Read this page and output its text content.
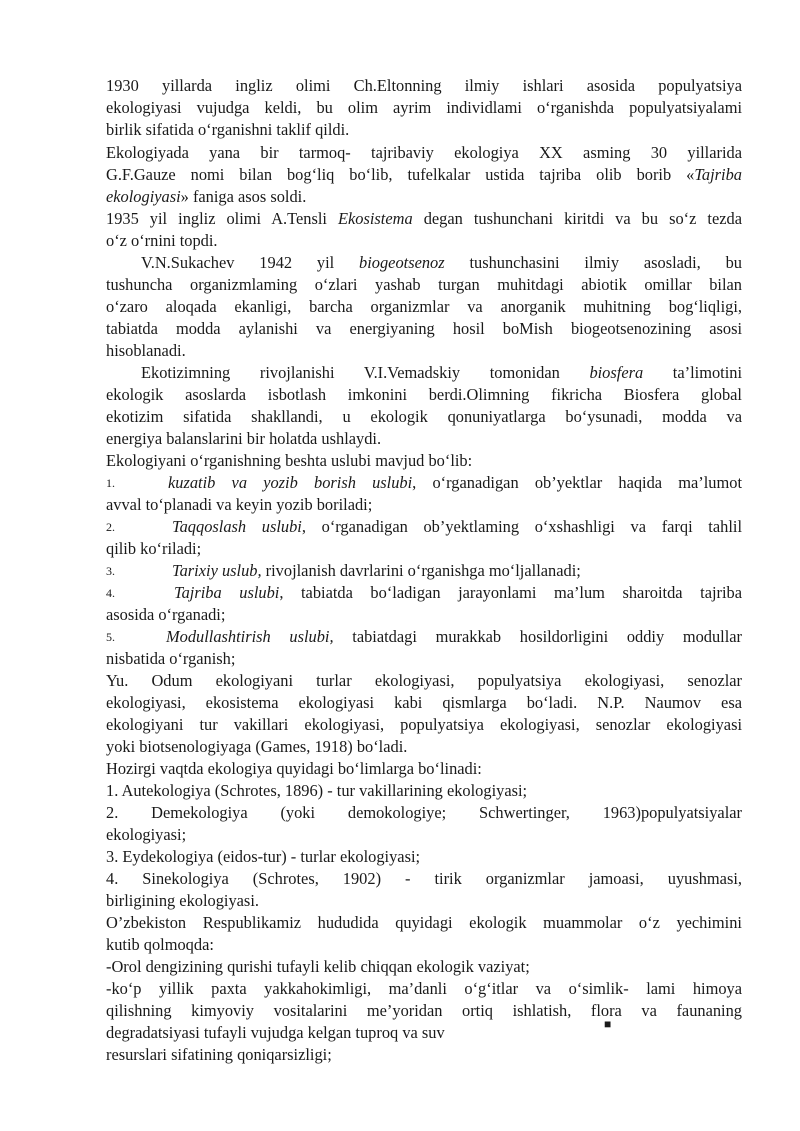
1930 yillarda ingliz olimi Ch.Eltonning ilmiy ishlari asosida populyatsiya
ekologiyasi vujudga keldi, bu olim ayrim individlami o‘rganishda populyatsiyalami
birlik sifatida o‘rganishni taklif qildi.
Ekologiyada yana bir tarmoq- tajribaviy ekologiya XX asming 30 yillarida
G.F.Gauze nomi bilan bog‘liq bo‘lib, tufelkalar ustida tajriba olib borib «Tajriba
ekologiyasi» faniga asos soldi.
1935 yil ingliz olimi A.Tensli Ekosistema degan tushunchani kiritdi va bu so‘z tezda
o‘z o‘rnini topdi.
V.N.Sukachev 1942 yil biogeotsenoz tushunchasini ilmiy asosladi, bu
tushuncha organizmlaming o‘zlari yashab turgan muhitdagi abiotik omillar bilan
o‘zaro aloqada ekanligi, barcha organizmlar va anorganik muhitning bog‘liqligi,
tabiatda modda aylanishi va energiyaning hosil boMish biogeotsenozining asosi
hisoblanadi.
Ekotizimning rivojlanishi V.I.Vemadskiy tomonidan biosfera ta’limotini
ekologik asoslarda isbotlash imkonini berdi.Olimning fikricha Biosfera global
ekotizim sifatida shakllandi, u ekologik qonuniyatlarga bo‘ysunadi, modda va
energiya balanslarini bir holatda ushlaydi.
Ekologiyani o‘rganishning beshta uslubi mavjud bo‘lib:
1.	kuzatib va yozib borish uslubi, o‘rganadigan ob’yektlar haqida ma’lumot
avval to‘planadi va keyin yozib boriladi;
2.	Taqqoslash uslubi, o‘rganadigan ob’yektlaming o‘xshashligi va farqi tahlil
qilib ko‘riladi;
3.	Tarixiy uslub, rivojlanish davrlarini o‘rganishga mo‘ljallanadi;
4.	Tajriba uslubi, tabiatda bo‘ladigan jarayonlami ma’lum sharoitda tajriba
asosida o‘rganadi;
5.	Modullashtirish uslubi, tabiatdagi murakkab hosildorligini oddiy modullar
nisbatida o‘rganish;
Yu. Odum ekologiyani turlar ekologiyasi, populyatsiya ekologiyasi, senozlar
ekologiyasi, ekosistema ekologiyasi kabi qismlarga bo‘ladi. N.P. Naumov esa
ekologiyani tur vakillari ekologiyasi, populyatsiya ekologiyasi, senozlar ekologiyasi
yoki biotsenologiyaga (Games, 1918) bo‘ladi.
Hozirgi vaqtda ekologiya quyidagi bo‘limlarga bo‘linadi:
1. Autekologiya (Schrotes, 1896) - tur vakillarining ekologiyasi;
2. Demekologiya (yoki demokologiye; Schwertinger, 1963)populyatsiyalar
ekologiyasi;
3. Eydekologiya (eidos-tur) - turlar ekologiyasi;
4. Sinekologiya (Schrotes, 1902) - tirik organizmlar jamoasi, uyushmasi,
birligining ekologiyasi.
O’zbekiston Respublikamiz hududida quyidagi ekologik muammolar o‘z yechimini
kutib qolmoqda:
-Orol dengizining qurishi tufayli kelib chiqqan ekologik vaziyat;
-ko‘p yillik paxta yakkahokimligi, ma’danli o‘g‘itlar va o‘simlik- lami himoya
qilishning kimyoviy vositalarini me’yoridan ortiq ishlatish, flora va faunaning
degradatsiyasi tufayli vujudga kelgan tuproq va suv	■
resurslari sifatining qoniqarsizligi;
